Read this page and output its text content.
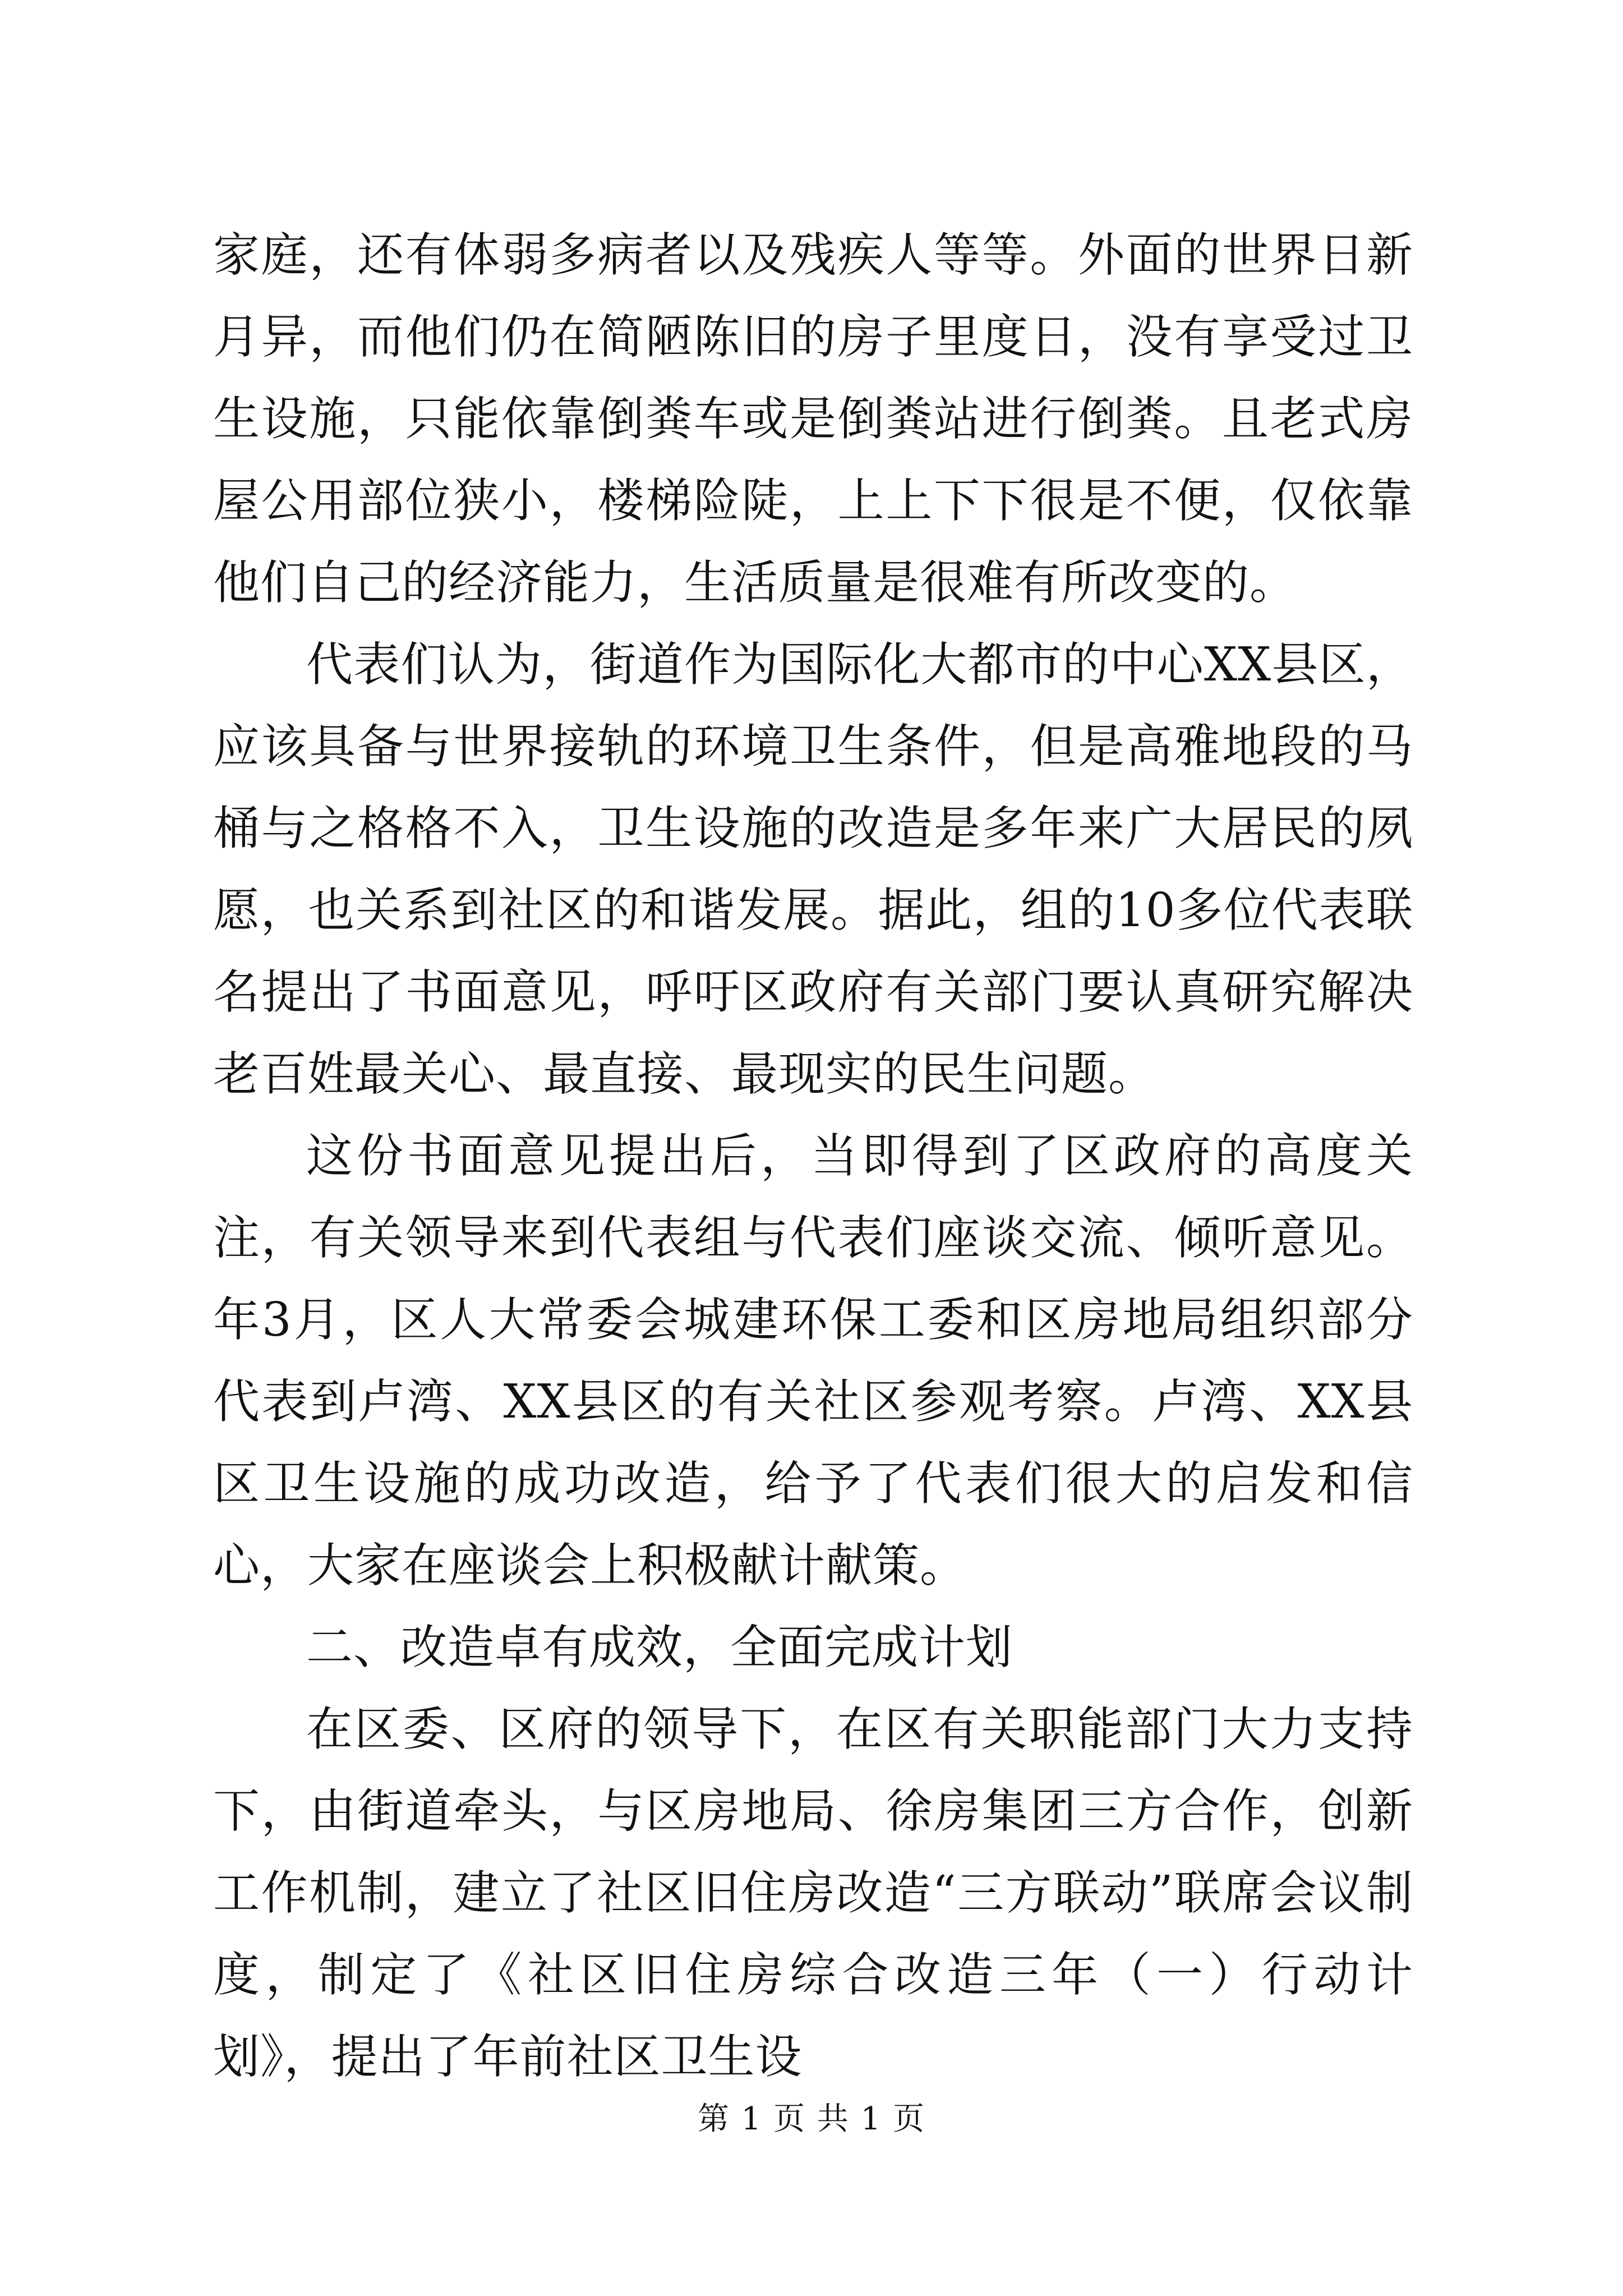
家庭，还有体弱多病者以及残疾人等等。外面的世界日新月异，而他们仍在简陋陈旧的房子里度日，没有享受过卫生设施，只能依靠倒粪车或是倒粪站进行倒粪。且老式房屋公用部位狭小，楼梯险陡，上上下下很是不便，仅依靠他们自己的经济能力，生活质量是很难有所改变的。

代表们认为，街道作为国际化大都市的中心XX县区，应该具备与世界接轨的环境卫生条件，但是高雅地段的马桶与之格格不入，卫生设施的改造是多年来广大居民的夙愿，也关系到社区的和谐发展。据此，组的10多位代表联名提出了书面意见，呼吁区政府有关部门要认真研究解决老百姓最关心、最直接、最现实的民生问题。

这份书面意见提出后，当即得到了区政府的高度关注，有关领导来到代表组与代表们座谈交流、倾听意见。年3月，区人大常委会城建环保工委和区房地局组织部分代表到卢湾、XX县区的有关社区参观考察。卢湾、XX县区卫生设施的成功改造，给予了代表们很大的启发和信心，大家在座谈会上积极献计献策。

二、改造卓有成效，全面完成计划

在区委、区府的领导下，在区有关职能部门大力支持下，由街道牵头，与区房地局、徐房集团三方合作，创新工作机制，建立了社区旧住房改造“三方联动”联席会议制度，制定了《社区旧住房综合改造三年（一）行动计划》，提出了年前社区卫生设

第 1 页 共 1 页
